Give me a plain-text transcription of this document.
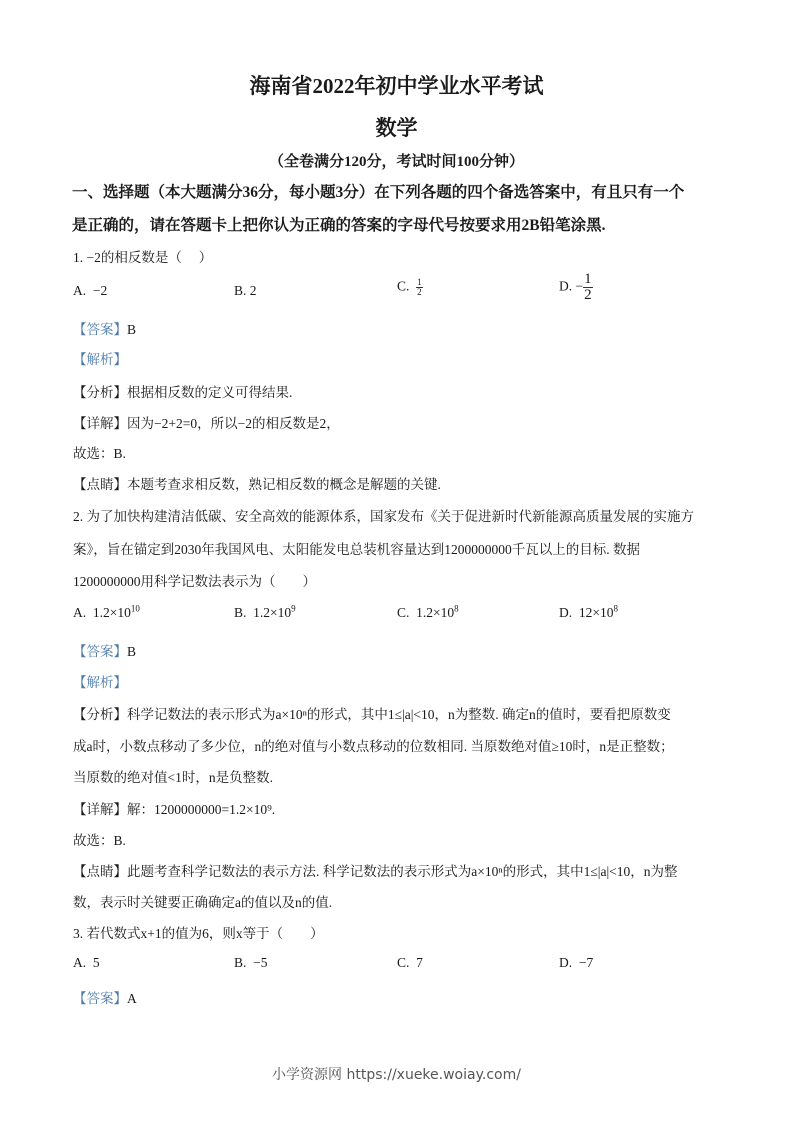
海南省2022年初中学业水平考试
数学
（全卷满分120分，考试时间100分钟）
一、选择题（本大题满分36分，每小题3分）在下列各题的四个备选答案中，有且只有一个
是正确的，请在答题卡上把你认为正确的答案的字母代号按要求用2B铅笔涂黑.
1. −2的相反数是（　 ）
A. −2	B. 2	C. $\frac{1}{2}$	D. − $\frac{1}{2}$
【答案】B
【解析】
【分析】根据相反数的定义可得结果.
【详解】因为−2+2=0，所以−2的相反数是2，
故选：B.
【点睛】本题考查求相反数，熟记相反数的概念是解题的关键.
2. 为了加快构建清洁低碳、安全高效的能源体系，国家发布《关于促进新时代新能源高质量发展的实施方
案》，旨在锚定到2030年我国风电、太阳能发电总装机容量达到1200000000千瓦以上的目标. 数据
1200000000用科学记数法表示为（　　）
A. $1.2\times 10^{10}$	B. $1.2\times 10^9$	C. $1.2\times 10^8$	D. $12\times 10^8$
【答案】B
【解析】
【分析】科学记数法的表示形式为a×10ⁿ的形式，其中1≤|a|<10，n为整数. 确定n的值时，要看把原数变
成a时，小数点移动了多少位，n的绝对值与小数点移动的位数相同. 当原数绝对值≥10时，n是正整数；
当原数的绝对值<1时，n是负整数.
【详解】解：1200000000=1.2×10⁹.
故选：B.
【点睛】此题考查科学记数法的表示方法. 科学记数法的表示形式为a×10ⁿ的形式，其中1≤|a|<10，n为整
数，表示时关键要正确确定a的值以及n的值.
3. 若代数式x+1的值为6，则x等于（　　）
A. 5	B. −5	C. 7	D. −7
【答案】A
小学资源网 https://xueke.woiay.com/
